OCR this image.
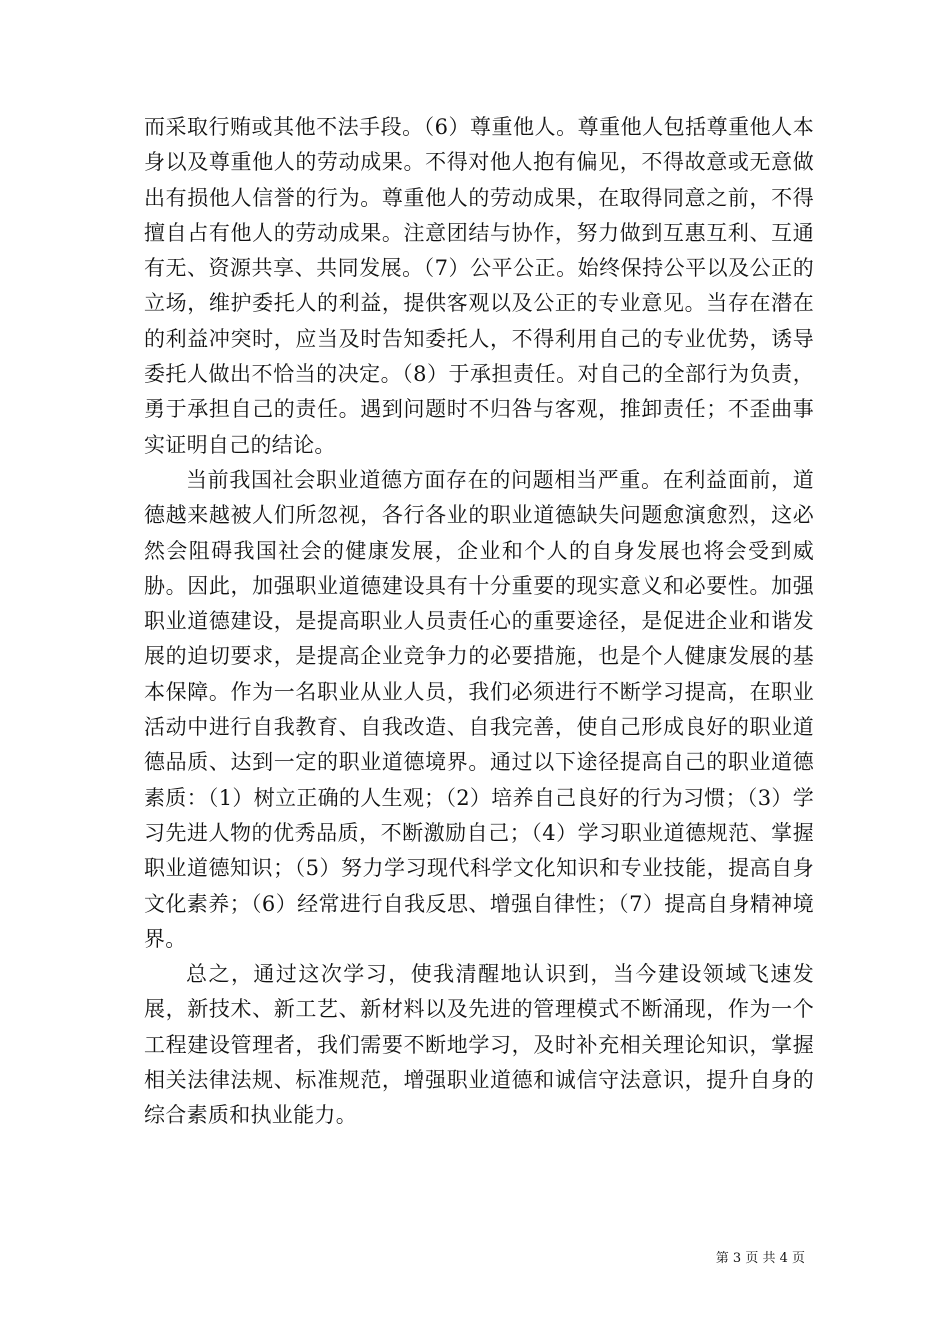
而采取行贿或其他不法手段。（6）尊重他人。尊重他人包括尊重他人本身以及尊重他人的劳动成果。不得对他人抱有偏见，不得故意或无意做出有损他人信誉的行为。尊重他人的劳动成果，在取得同意之前，不得擅自占有他人的劳动成果。注意团结与协作，努力做到互惠互利、互通有无、资源共享、共同发展。（7）公平公正。始终保持公平以及公正的立场，维护委托人的利益，提供客观以及公正的专业意见。当存在潜在的利益冲突时，应当及时告知委托人，不得利用自己的专业优势，诱导委托人做出不恰当的决定。（8）于承担责任。对自己的全部行为负责，勇于承担自己的责任。遇到问题时不归咎与客观，推卸责任；不歪曲事实证明自己的结论。

当前我国社会职业道德方面存在的问题相当严重。在利益面前，道德越来越被人们所忽视，各行各业的职业道德缺失问题愈演愈烈，这必然会阻碍我国社会的健康发展，企业和个人的自身发展也将会受到威胁。因此，加强职业道德建设具有十分重要的现实意义和必要性。加强职业道德建设，是提高职业人员责任心的重要途径，是促进企业和谐发展的迫切要求，是提高企业竞争力的必要措施，也是个人健康发展的基本保障。作为一名职业从业人员，我们必须进行不断学习提高，在职业活动中进行自我教育、自我改造、自我完善，使自己形成良好的职业道德品质、达到一定的职业道德境界。通过以下途径提高自己的职业道德素质：（1）树立正确的人生观；（2）培养自己良好的行为习惯；（3）学习先进人物的优秀品质，不断激励自己；（4）学习职业道德规范、掌握职业道德知识；（5）努力学习现代科学文化知识和专业技能，提高自身文化素养；（6）经常进行自我反思、增强自律性；（7）提高自身精神境界。

总之，通过这次学习，使我清醒地认识到，当今建设领域飞速发展，新技术、新工艺、新材料以及先进的管理模式不断涌现，作为一个工程建设管理者，我们需要不断地学习，及时补充相关理论知识，掌握相关法律法规、标准规范，增强职业道德和诚信守法意识，提升自身的综合素质和执业能力。

第 3 页 共 4 页
